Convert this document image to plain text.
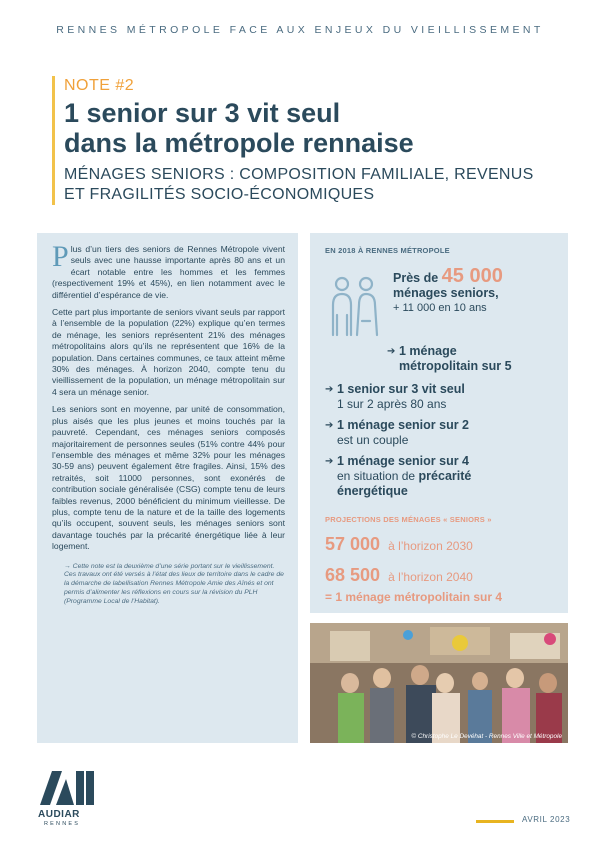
RENNES MÉTROPOLE FACE AUX ENJEUX DU VIEILLISSEMENT
NOTE #2
1 senior sur 3 vit seul
dans la métropole rennaise
MÉNAGES SENIORS : COMPOSITION FAMILIALE, REVENUS
ET FRAGILITÉS SOCIO-ÉCONOMIQUES

Plus d’un tiers des seniors de Rennes Métropole vivent seuls avec une hausse importante après 80 ans et un écart notable entre les hommes et les femmes (respectivement 19% et 45%), en lien notamment avec le différentiel d’espérance de vie.

Cette part plus importante de seniors vivant seuls par rapport à l’ensemble de la population (22%) explique qu’en termes de ménage, les seniors représentent 21% des ménages métropolitains alors qu’ils ne représentent que 16% de la population. Dans certaines communes, ce taux atteint même 30% des ménages. À horizon 2040, compte tenu du vieillissement de la population, un ménage métropolitain sur 4 sera un ménage senior.

Les seniors sont en moyenne, par unité de consommation, plus aisés que les plus jeunes et moins touchés par la pauvreté. Cependant, ces ménages seniors composés majoritairement de personnes seules (51% contre 44% pour l’ensemble des ménages et même 32% pour les ménages 30-59 ans) peuvent également être fragiles. Ainsi, 15% des retraités, soit 11000 personnes, sont exonérés de contribution sociale généralisée (CSG) compte tenu de leurs faibles revenus, 2000 bénéficient du minimum vieillesse. De plus, compte tenu de la nature et de la taille des logements qu’ils occupent, souvent seuls, les ménages seniors sont davantage touchés par la précarité énergétique liée à leur logement.

→ Cette note est la deuxième d’une série portant sur le vieillissement. Ces travaux ont été versés à l’état des lieux de territoire dans le cadre de la démarche de labellisation Rennes Métropole Amie des Aînés et ont permis d’alimenter les réflexions en cours sur la révision du PLH (Programme Local de l’Habitat).

EN 2018 À RENNES MÉTROPOLE
Près de 45 000
ménages seniors,
+ 11 000 en 10 ans
➔ 1 ménage
métropolitain sur 5
➔ 1 senior sur 3 vit seul
1 sur 2 après 80 ans
➔ 1 ménage senior sur 2
est un couple
➔ 1 ménage senior sur 4
en situation de précarité
énergétique
PROJECTIONS DES MÉNAGES « SENIORS »
57 000 à l’horizon 2030
68 500 à l’horizon 2040
= 1 ménage métropolitain sur 4
© Christophe Le Devéhat - Rennes Ville et Métropole
AUDIAR
RENNES	AVRIL 2023
